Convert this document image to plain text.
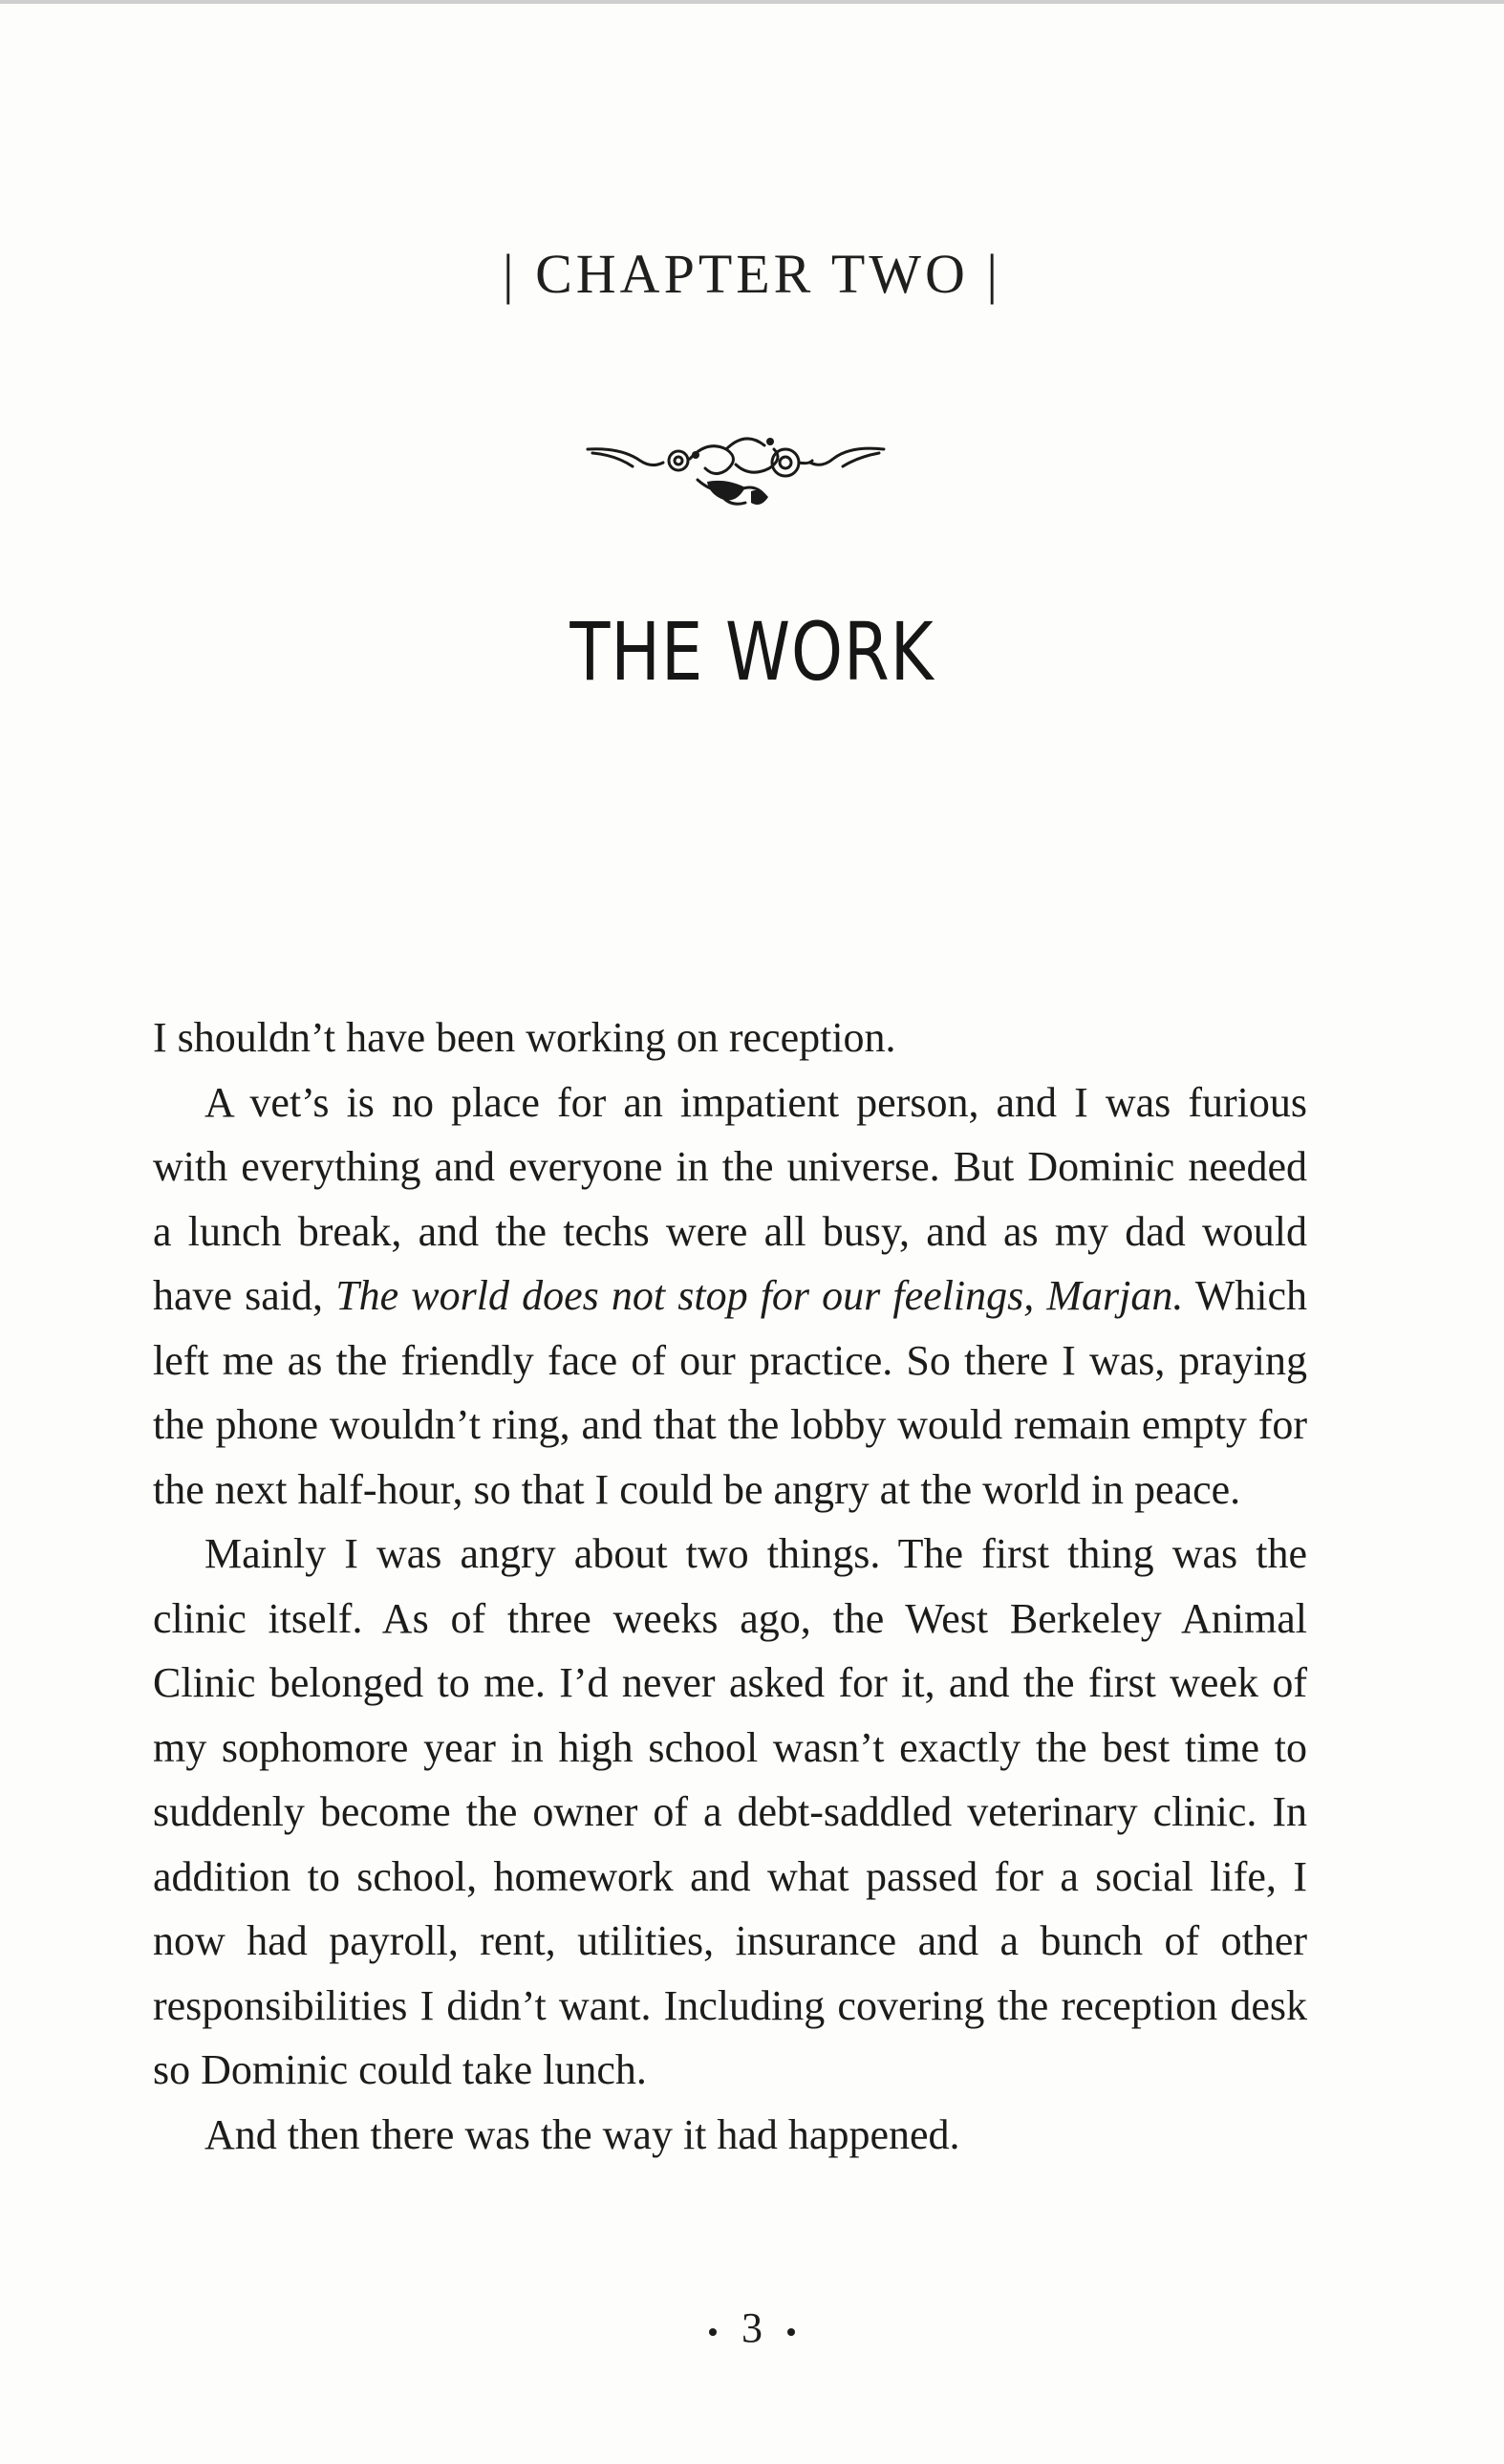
| CHAPTER TWO |
THE WORK

I shouldn’t have been working on reception.

A vet’s is no place for an impatient person, and I was furious with everything and everyone in the universe. But Dominic needed a lunch break, and the techs were all busy, and as my dad would have said, The world does not stop for our feelings, Marjan. Which left me as the friendly face of our practice. So there I was, praying the phone wouldn’t ring, and that the lobby would remain empty for the next half-hour, so that I could be angry at the world in peace.

Mainly I was angry about two things. The first thing was the clinic itself. As of three weeks ago, the West Berkeley Animal Clinic belonged to me. I’d never asked for it, and the first week of my sophomore year in high school wasn’t exactly the best time to suddenly become the owner of a debt-saddled veterinary clinic. In addition to school, homework and what passed for a social life, I now had payroll, rent, utilities, insurance and a bunch of other responsibilities I didn’t want. Including covering the reception desk so Dominic could take lunch.

And then there was the way it had happened.

3
